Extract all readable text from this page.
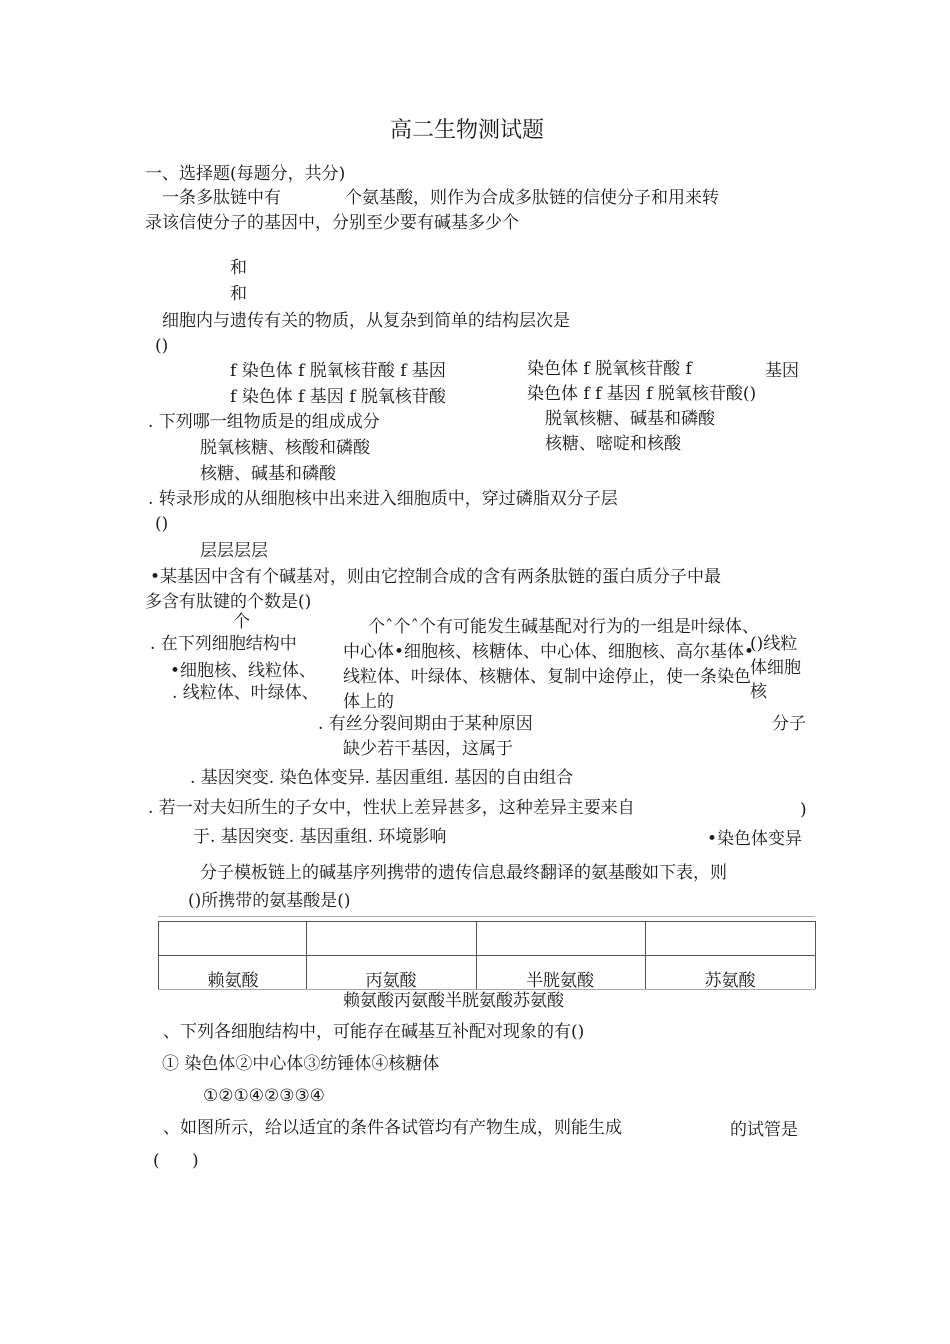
高二生物测试题
一、选择题(每题分，共分)
一条多肽链中有	个氨基酸，则作为合成多肽链的信使分子和用来转
录该信使分子的基因中，分别至少要有碱基多少个
和
和
细胞内与遗传有关的物质，从复杂到简单的结构层次是
()
f 染色体 f 脱氧核苷酸 f 基因	染色体 f 脱氧核苷酸 f	基因
f 染色体 f 基因 f 脱氧核苷酸	染色体 f f 基因 f 脱氧核苷酸()
. 下列哪一组物质是的组成成分	脱氧核糖、碱基和磷酸
脱氧核糖、核酸和磷酸	核糖、嘧啶和核酸
核糖、碱基和磷酸
. 转录形成的从细胞核中出来进入细胞质中，穿过磷脂双分子层
()
层层层层
•某基因中含有个碱基对，则由它控制合成的含有两条肽链的蛋白质分子中最
多含有肽键的个数是()
个	个ˆ个ˆ个有可能发生碱基配对行为的一组是叶绿体、
. 在下列细胞结构中	()线粒
中心体•细胞核、核糖体、中心体、细胞核、高尔基体•
体细胞
•细胞核、线粒体、 线粒体、叶绿体、核糖体、复制中途停止，使一条染色
. 线粒体、叶绿体、	核
体上的
. 有丝分裂间期由于某种原因	分子
缺少若干基因，这属于
. 基因突变. 染色体变异. 基因重组. 基因的自由组合
. 若一对夫妇所生的子女中，性状上差异甚多，这种差异主要来自	)
于. 基因突变. 基因重组. 环境影响	•染色体变异
分子模板链上的碱基序列携带的遗传信息最终翻译的氨基酸如下表，则
()所携带的氨基酸是()
赖氨酸	丙氨酸	半胱氨酸	苏氨酸
赖氨酸丙氨酸半胱氨酸苏氨酸
、下列各细胞结构中，可能存在碱基互补配对现象的有()
① 染色体②中心体③纺锤体④核糖体
①②①④②③③④
、如图所示，给以适宜的条件各试管均有产物生成，则能生成	的试管是
(      )
